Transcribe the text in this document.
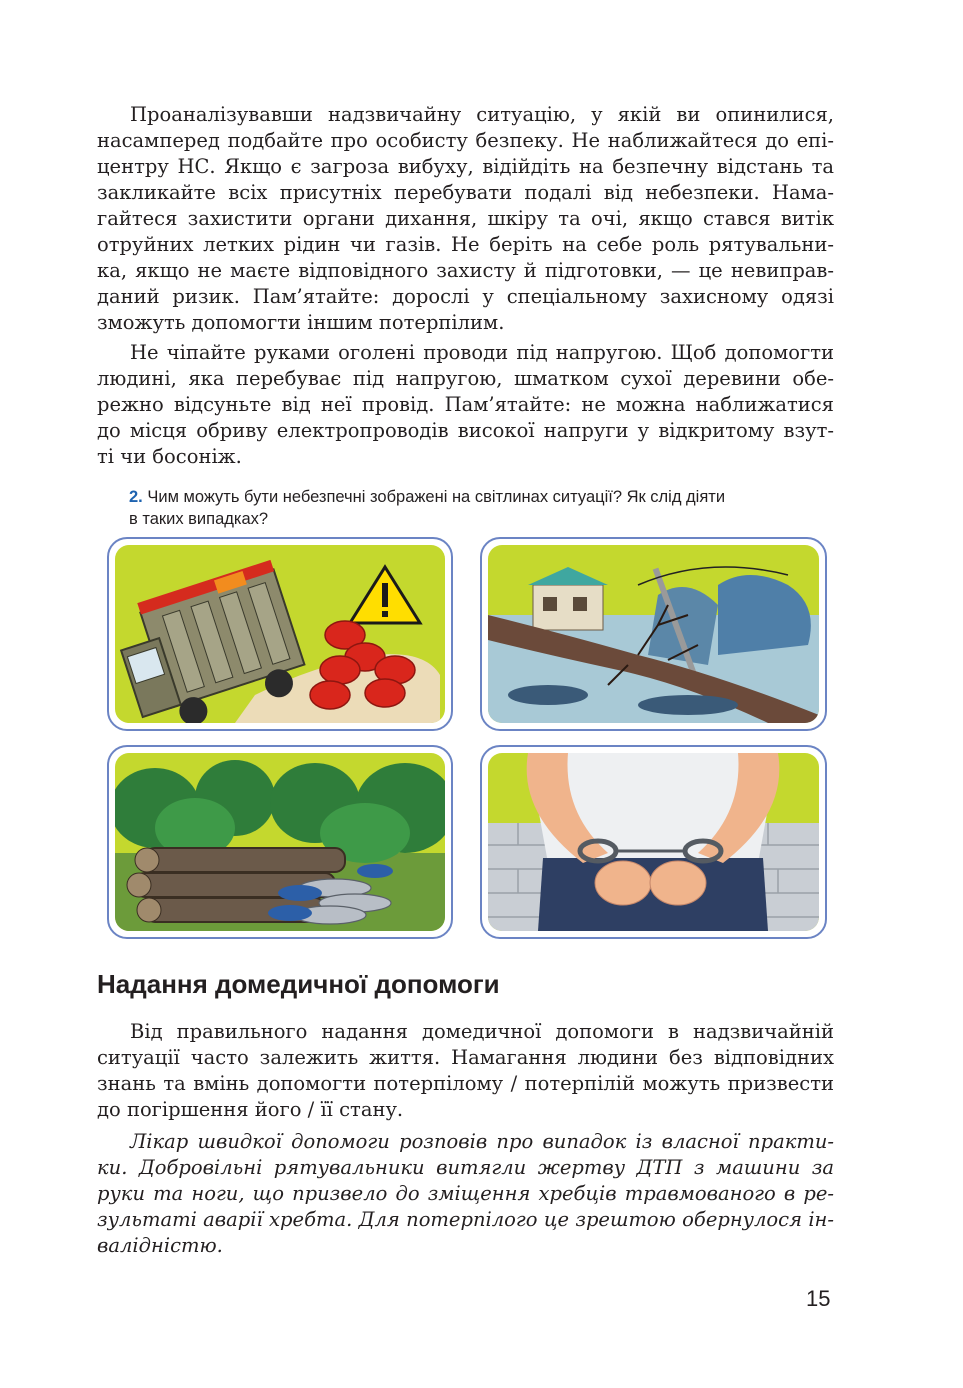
Проаналізувавши надзвичайну ситуацію, у якій ви опинилися,
насамперед подбайте про особисту безпеку. Не наближайтеся до епі-
центру НС. Якщо є загроза вибуху, відійдіть на безпечну відстань та
закликайте всіх присутніх перебувати подалі від небезпеки. Нама-
гайтеся захистити органи дихання, шкіру та очі, якщо стався витік
отруйних летких рідин чи газів. Не беріть на себе роль рятувальни-
ка, якщо не маєте відповідного захисту й підготовки, — це невиправ-
даний ризик. Пам’ятайте: дорослі у спеціальному захисному одязі
зможуть допомогти іншим потерпілим.

Не чіпайте руками оголені проводи під напругою. Щоб допомогти
людині, яка перебуває під напругою, шматком сухої деревини обе-
режно відсуньте від неї провід. Пам’ятайте: не можна наближатися
до місця обриву електропроводів високої напруги у відкритому взут-
ті чи босоніж.

2. Чим можуть бути небезпечні зображені на світлинах ситуації? Як слід діяти
в таких випадках?
Надання домедичної допомоги

Від правильного надання домедичної допомоги в надзвичайній
ситуації часто залежить життя. Намагання людини без відповідних
знань та вмінь допомогти потерпілому / потерпілій можуть призвести
до погіршення його / її стану.

Лікар швидкої допомоги розповів про випадок із власної практи-
ки. Добровільні рятувальники витягли жертву ДТП з машини за
руки та ноги, що призвело до зміщення хребців травмованого в ре-
зультаті аварії хребта. Для потерпілого це зрештою обернулося ін-
валідністю.

15
